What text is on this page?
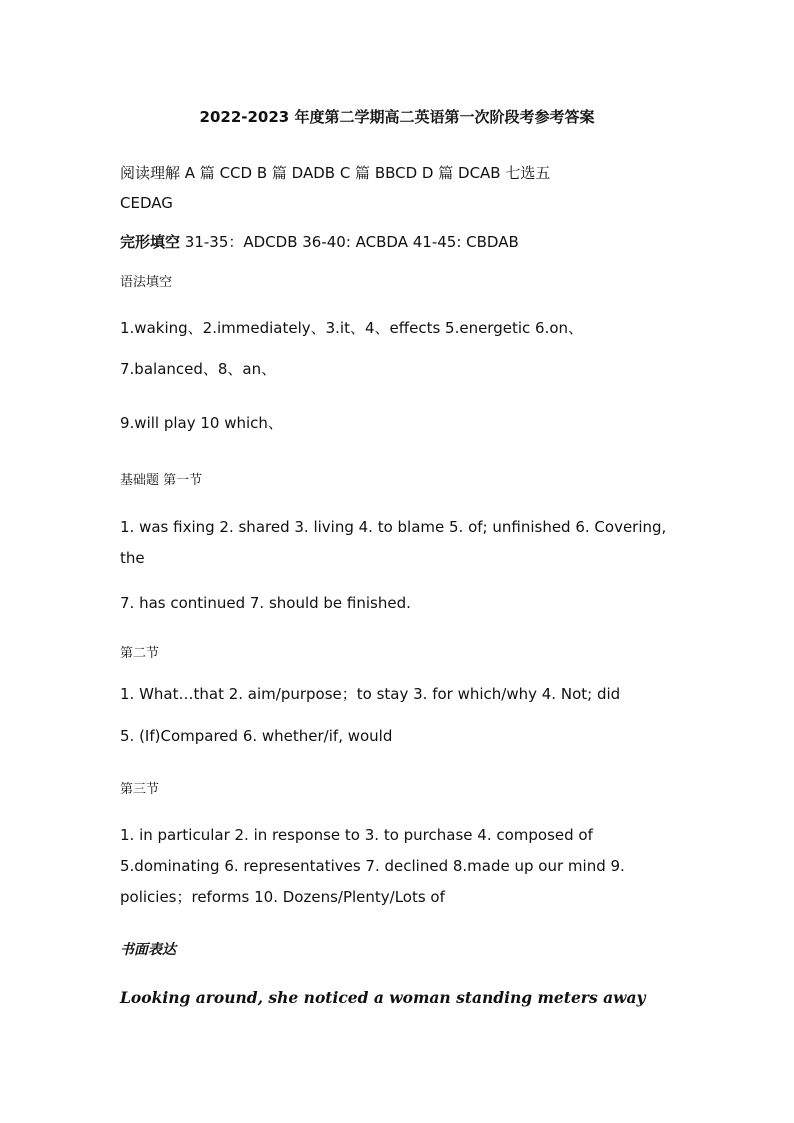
2022-2023 年度第二学期高二英语第一次阶段考参考答案

阅读理解 A 篇 CCD B 篇 DADB C 篇 BBCD D 篇 DCAB 七选五

CEDAG

完形填空 31-35：ADCDB 36-40: ACBDA 41-45: CBDAB

语法填空

1.waking、2.immediately、3.it、4、effects 5.energetic 6.on、

7.balanced、8、an、

9.will play 10 which、

基础题 第一节

1. was fixing 2. shared 3. living 4. to blame 5. of; unfinished 6. Covering, the

7. has continued 7. should be finished.

第二节

1. What…that 2. aim/purpose；to stay 3. for which/why 4. Not; did

5. (If)Compared 6. whether/if, would

第三节

1. in particular 2. in response to 3. to purchase 4. composed of 5.dominating 6. representatives 7. declined 8.made up our mind 9. policies；reforms 10. Dozens/Plenty/Lots of

书面表达

Looking around, she noticed a woman standing meters away
